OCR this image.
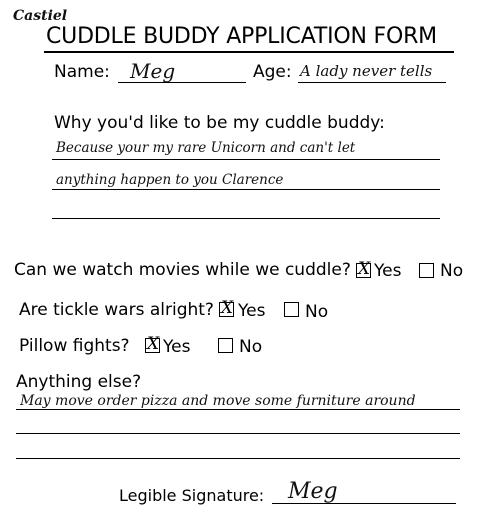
Castiel
CUDDLE BUDDY APPLICATION FORM
Name: Meg	Age: A lady never tells
Why you'd like to be my cuddle buddy:
Because your my rare Unicorn and can't let
anything happen to you Clarence
Can we watch movies while we cuddle? X Yes No
Are tickle wars alright? X Yes No
Pillow fights? X Yes	No
Anything else?
May move order pizza and move some furniture around
Legible Signature: Meg
